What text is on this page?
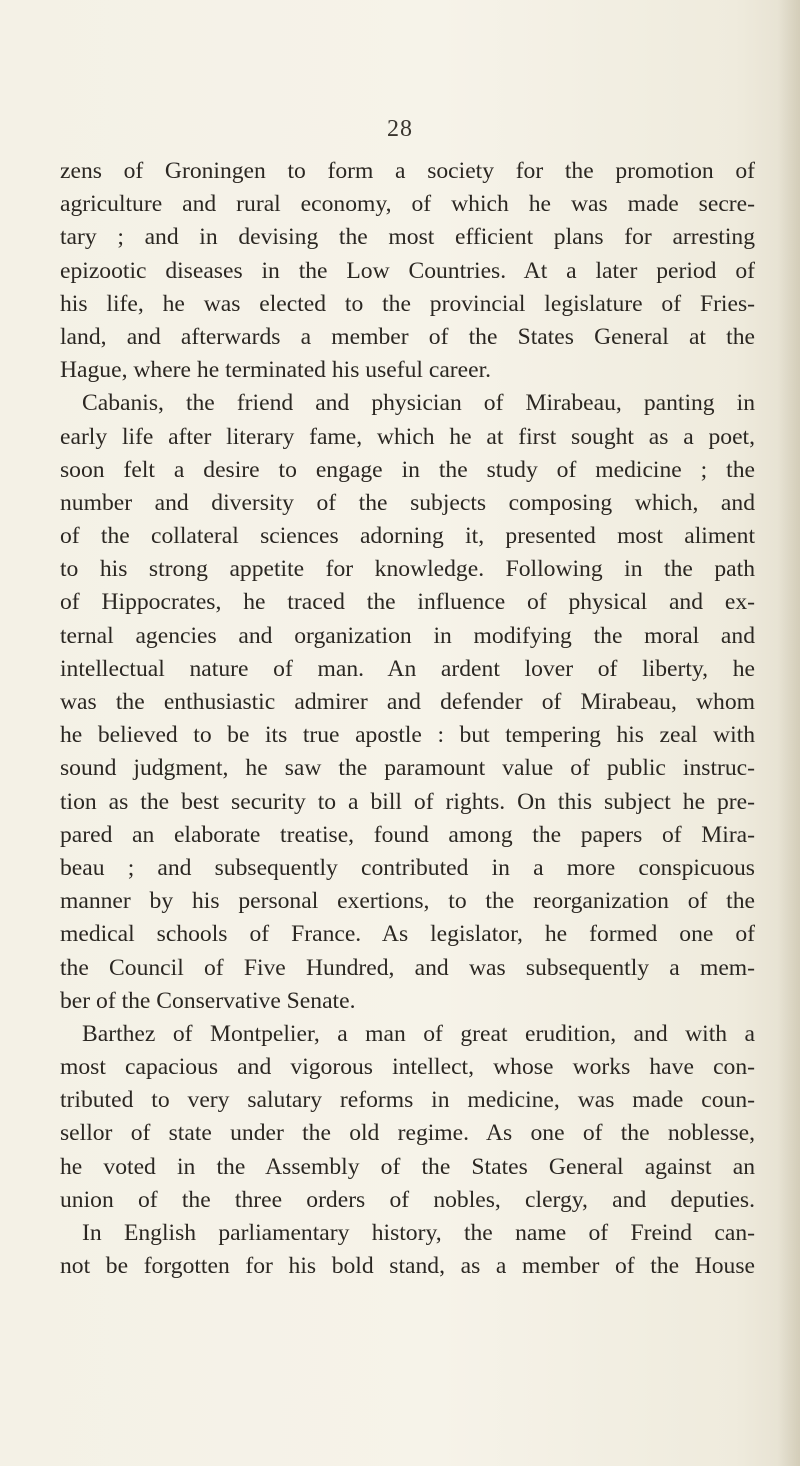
28
zens of Groningen to form a society for the promotion of
agriculture and rural economy, of which he was made secre-
tary ; and in devising the most efficient plans for arresting
epizootic diseases in the Low Countries. At a later period of
his life, he was elected to the provincial legislature of Fries-
land, and afterwards a member of the States General at the
Hague, where he terminated his useful career.
Cabanis, the friend and physician of Mirabeau, panting in
early life after literary fame, which he at first sought as a poet,
soon felt a desire to engage in the study of medicine ; the
number and diversity of the subjects composing which, and
of the collateral sciences adorning it, presented most aliment
to his strong appetite for knowledge. Following in the path
of Hippocrates, he traced the influence of physical and ex-
ternal agencies and organization in modifying the moral and
intellectual nature of man. An ardent lover of liberty, he
was the enthusiastic admirer and defender of Mirabeau, whom
he believed to be its true apostle : but tempering his zeal with
sound judgment, he saw the paramount value of public instruc-
tion as the best security to a bill of rights. On this subject he pre-
pared an elaborate treatise, found among the papers of Mira-
beau ; and subsequently contributed in a more conspicuous
manner by his personal exertions, to the reorganization of the
medical schools of France. As legislator, he formed one of
the Council of Five Hundred, and was subsequently a mem-
ber of the Conservative Senate.
Barthez of Montpelier, a man of great erudition, and with a
most capacious and vigorous intellect, whose works have con-
tributed to very salutary reforms in medicine, was made coun-
sellor of state under the old regime. As one of the noblesse,
he voted in the Assembly of the States General against an
union of the three orders of nobles, clergy, and deputies.
In English parliamentary history, the name of Freind can-
not be forgotten for his bold stand, as a member of the House
